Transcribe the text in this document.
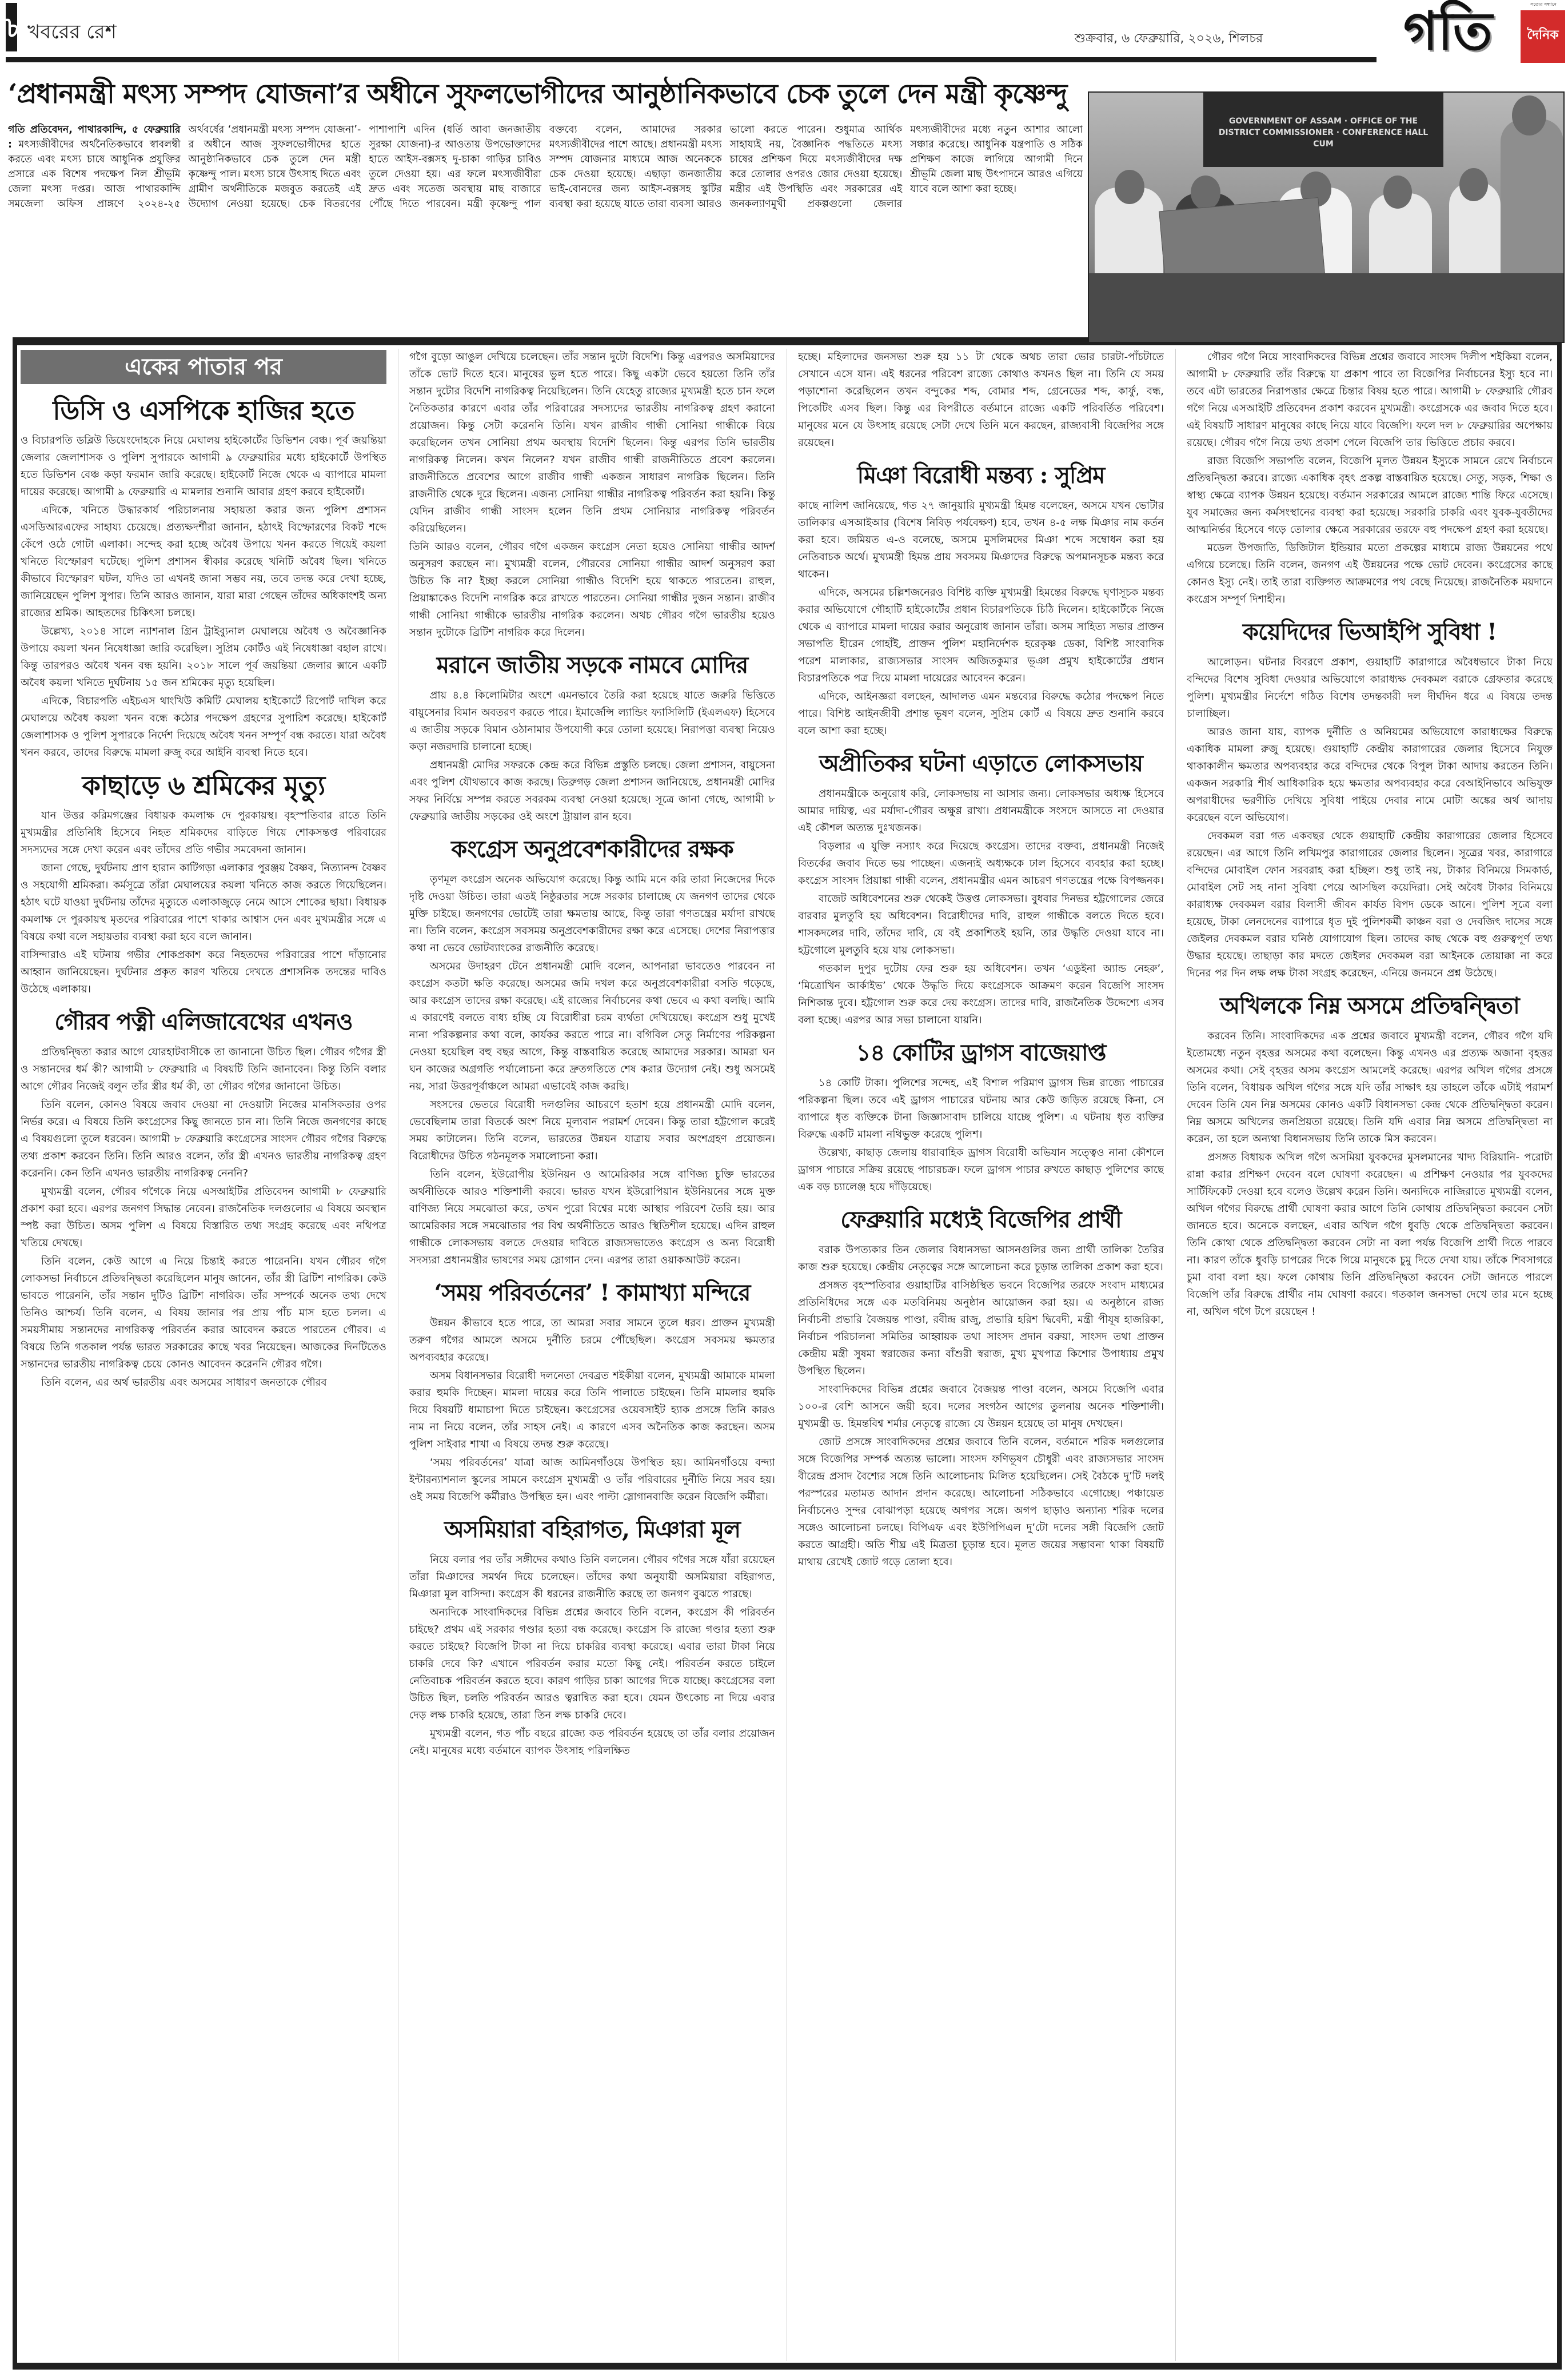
৮ খবরের রেশ	শুক্রবার, ৬ ফেব্রুয়ারি, ২০২৬, শিলচর	গতি	দৈনিক
সত্যের সন্ধানে
‘প্রধানমন্ত্রী মৎস্য সম্পদ যোজনা’র অধীনে সুফলভোগীদের আনুষ্ঠানিকভাবে চেক তুলে দেন মন্ত্রী কৃষ্ণেন্দু
গতি প্রতিবেদন, পাথারকান্দি, ৫ ফেব্রুয়ারি : মৎস্যজীবীদের অর্থনৈতিকভাবে স্বাবলম্বী করতে এবং মৎস্য চাষে আধুনিক প্রযুক্তির প্রসারে এক বিশেষ পদক্ষেপ নিল শ্রীভূমি জেলা মৎস্য দপ্তর। আজ পাথারকান্দি সমজেলা অফিস প্রাঙ্গণে ২০২৪-২৫ অর্থবর্ষের ‘প্রধানমন্ত্রী মৎস্য সম্পদ যোজনা’-র অধীনে আজ সুফলভোগীদের হাতে আনুষ্ঠানিকভাবে চেক তুলে দেন মন্ত্রী কৃষ্ণেন্দু পাল। মৎস্য চাষে উৎসাহ দিতে এবং গ্রামীণ অর্থনীতিকে মজবুত করতেই এই উদ্যোগ নেওয়া হয়েছে। চেক বিতরণের পাশাপাশি এদিন (ধর্তি আবা জনজাতীয় সুরক্ষা যোজনা)-র আওতায় উপভোক্তাদের হাতে আইস-বক্সসহ দু-চাকা গাড়ির চাবিও তুলে দেওয়া হয়। এর ফলে মৎস্যজীবীরা দ্রুত এবং সতেজ অবস্থায় মাছ বাজারে পৌঁছে দিতে পারবেন। মন্ত্রী কৃষ্ণেন্দু পাল বক্তব্যে বলেন, আমাদের সরকার মৎস্যজীবীদের পাশে আছে। প্রধানমন্ত্রী মৎস্য সম্পদ যোজনার মাধ্যমে আজ অনেককে চেক দেওয়া হয়েছে। এছাড়া জনজাতীয় ভাই-বোনদের জন্য আইস-বক্সসহ স্কুটির ব্যবস্থা করা হয়েছে যাতে তারা ব্যবসা আরও ভালো করতে পারেন। শুধুমাত্র আর্থিক সাহায্যই নয়, বৈজ্ঞানিক পদ্ধতিতে মৎস্য চাষের প্রশিক্ষণ দিয়ে মৎস্যজীবীদের দক্ষ করে তোলার ওপরও জোর দেওয়া হয়েছে। মন্ত্রীর এই উপস্থিতি এবং সরকারের এই জনকল্যাণমুখী প্রকল্পগুলো জেলার মৎস্যজীবীদের মধ্যে নতুন আশার আলো সঞ্চার করেছে। আধুনিক যন্ত্রপাতি ও সঠিক প্রশিক্ষণ কাজে লাগিয়ে আগামী দিনে শ্রীভূমি জেলা মাছ উৎপাদনে আরও এগিয়ে যাবে বলে আশা করা হচ্ছে।
GOVERNMENT OF ASSAM · OFFICE OF THE DISTRICT COMMISSIONER · CONFERENCE HALL CUM
একের পাতার পর
ডিসি ও এসপিকে হাজির হতে

ও বিচারপতি ডব্লিউ ডিয়েংদোহকে নিয়ে মেঘালয় হাইকোর্টের ডিভিশন বেঞ্চ। পূর্ব জয়ন্তিয়া জেলার জেলাশাসক ও পুলিশ সুপারকে আগামী ৯ ফেব্রুয়ারির মধ্যে হাইকোর্টে উপস্থিত হতে ডিভিশন বেঞ্চ কড়া ফরমান জারি করেছে। হাইকোর্ট নিজে থেকে এ ব্যাপারে মামলা দায়ের করেছে। আগামী ৯ ফেব্রুয়ারি এ মামলার শুনানি আবার গ্রহণ করবে হাইকোর্ট।

এদিকে, খনিতে উদ্ধারকার্য পরিচালনায় সহায়তা করার জন্য পুলিশ প্রশাসন এসডিআরএফের সাহায্য চেয়েছে। প্রত্যক্ষদর্শীরা জানান, হঠাৎই বিস্ফোরণের বিকট শব্দে কেঁপে ওঠে গোটা এলাকা। সন্দেহ করা হচ্ছে অবৈধ উপায়ে খনন করতে গিয়েই কয়লা খনিতে বিস্ফোরণ ঘটেছে। পুলিশ প্রশাসন স্বীকার করেছে খনিটি অবৈধ ছিল। খনিতে কীভাবে বিস্ফোরণ ঘটল, যদিও তা এখনই জানা সম্ভব নয়, তবে তদন্ত করে দেখা হচ্ছে, জানিয়েছেন পুলিশ সুপার। তিনি আরও জানান, যারা মারা গেছেন তাঁদের অধিকাংশই অন্য রাজ্যের শ্রমিক। আহতদের চিকিৎসা চলছে।

উল্লেখ্য, ২০১৪ সালে ন্যাশনাল গ্রিন ট্রাইব্যুনাল মেঘালয়ে অবৈধ ও অবৈজ্ঞানিক উপায়ে কয়লা খনন নিষেধাজ্ঞা জারি করেছিল। সুপ্রিম কোর্টও এই নিষেধাজ্ঞা বহাল রাখে। কিন্তু তারপরও অবৈধ খনন বন্ধ হয়নি। ২০১৮ সালে পূর্ব জয়ন্তিয়া জেলার ক্সানে একটি অবৈধ কয়লা খনিতে দুর্ঘটনায় ১৫ জন শ্রমিকের মৃত্যু হয়েছিল।

এদিকে, বিচারপতি এইচএস থাংখিউ কমিটি মেঘালয় হাইকোর্টে রিপোর্ট দাখিল করে মেঘালয়ে অবৈধ কয়লা খনন বন্ধে কঠোর পদক্ষেপ গ্রহণের সুপারিশ করেছে। হাইকোর্ট জেলাশাসক ও পুলিশ সুপারকে নির্দেশ দিয়েছে অবৈধ খনন সম্পূর্ণ বন্ধ করতে। যারা অবৈধ খনন করবে, তাদের বিরুদ্ধে মামলা রুজু করে আইনি ব্যবস্থা নিতে হবে।

কাছাড়ে ৬ শ্রমিকের মৃত্যু

যান উত্তর করিমগঞ্জের বিধায়ক কমলাক্ষ দে পুরকায়স্থ। বৃহস্পতিবার রাতে তিনি মুখ্যমন্ত্রীর প্রতিনিধি হিসেবে নিহত শ্রমিকদের বাড়িতে গিয়ে শোকসন্তপ্ত পরিবারের সদস্যদের সঙ্গে দেখা করেন এবং তাঁদের প্রতি গভীর সমবেদনা জানান।

জানা গেছে, দুর্ঘটনায় প্রাণ হারান কাটিগড়া এলাকার পুরঞ্জয় বৈষ্ণব, নিত্যানন্দ বৈষ্ণব ও সহযোগী শ্রমিকরা। কর্মসূত্রে তাঁরা মেঘালয়ের কয়লা খনিতে কাজ করতে গিয়েছিলেন। হঠাৎ ঘটে যাওয়া দুর্ঘটনায় তাঁদের মৃত্যুতে এলাকাজুড়ে নেমে আসে শোকের ছায়া। বিধায়ক কমলাক্ষ দে পুরকায়স্থ মৃতদের পরিবারের পাশে থাকার আশ্বাস দেন এবং মুখ্যমন্ত্রীর সঙ্গে এ বিষয়ে কথা বলে সহায়তার ব্যবস্থা করা হবে বলে জানান।

বাসিন্দারাও এই ঘটনায় গভীর শোকপ্রকাশ করে নিহতদের পরিবারের পাশে দাঁড়ানোর আহ্বান জানিয়েছেন। দুর্ঘটনার প্রকৃত কারণ খতিয়ে দেখতে প্রশাসনিক তদন্তের দাবিও উঠেছে এলাকায়।

গৌরব পত্নী এলিজাবেথের এখনও

প্রতিদ্বন্দ্বিতা করার আগে যোরহাটবাসীকে তা জানানো উচিত ছিল। গৌরব গগৈর স্ত্রী ও সন্তানদের ধর্ম কী? আগামী ৮ ফেব্রুয়ারি এ বিষয়টি তিনি জানাবেন। কিন্তু তিনি বলার আগে গৌরব নিজেই বলুন তাঁর স্ত্রীর ধর্ম কী, তা গৌরব গগৈর জানানো উচিত।

তিনি বলেন, কোনও বিষয়ে জবাব দেওয়া না দেওয়াটা নিজের মানসিকতার ওপর নির্ভর করে। এ বিষয়ে তিনি কংগ্রেসের কিছু জানতে চান না। তিনি নিজে জনগণের কাছে এ বিষয়গুলো তুলে ধরবেন। আগামী ৮ ফেব্রুয়ারি কংগ্রেসের সাংসদ গৌরব গগৈর বিরুদ্ধে তথ্য প্রকাশ করবেন তিনি। তিনি আরও বলেন, তাঁর স্ত্রী এখনও ভারতীয় নাগরিকত্ব গ্রহণ করেননি। কেন তিনি এখনও ভারতীয় নাগরিকত্ব নেননি?

মুখ্যমন্ত্রী বলেন, গৌরব গগৈকে নিয়ে এসআইটির প্রতিবেদন আগামী ৮ ফেব্রুয়ারি প্রকাশ করা হবে। এরপর জনগণ সিদ্ধান্ত নেবেন। রাজনৈতিক দলগুলোর এ বিষয়ে অবস্থান স্পষ্ট করা উচিত। অসম পুলিশ এ বিষয়ে বিস্তারিত তথ্য সংগ্রহ করেছে এবং নথিপত্র খতিয়ে দেখছে।

তিনি বলেন, কেউ আগে এ নিয়ে চিন্তাই করতে পারেননি। যখন গৌরব গগৈ লোকসভা নির্বাচনে প্রতিদ্বন্দ্বিতা করেছিলেন মানুষ জানেন, তাঁর স্ত্রী ব্রিটিশ নাগরিক। কেউ ভাবতে পারেননি, তাঁর সন্তান দুটিও ব্রিটিশ নাগরিক। তাঁর সম্পর্কে অনেক তথ্য দেখে তিনিও আশ্চর্য। তিনি বলেন, এ বিষয় জানার পর প্রায় পাঁচ মাস হতে চলল। এ সময়সীমায় সন্তানদের নাগরিকত্ব পরিবর্তন করার আবেদন করতে পারতেন গৌরব। এ বিষয়ে তিনি গতকাল পর্যন্ত ভারত সরকারের কাছে খবর নিয়েছেন। আজকের দিনটিতেও সন্তানদের ভারতীয় নাগরিকত্ব চেয়ে কোনও আবেদন করেননি গৌরব গগৈ।

তিনি বলেন, এর অর্থ ভারতীয় এবং অসমের সাধারণ জনতাকে গৌরব

গগৈ বুড়ো আঙুল দেখিয়ে চলেছেন। তাঁর সন্তান দুটো বিদেশি। কিন্তু এরপরও অসমিয়াদের তাঁকে ভোট দিতে হবে। মানুষের ভুল হতে পারে। কিছু একটা ভেবে হয়তো তিনি তাঁর সন্তান দুটোর বিদেশি নাগরিকত্ব নিয়েছিলেন। তিনি যেহেতু রাজ্যের মুখ্যমন্ত্রী হতে চান ফলে নৈতিকতার কারণে এবার তাঁর পরিবারের সদস্যদের ভারতীয় নাগরিকত্ব গ্রহণ করানো প্রয়োজন। কিন্তু সেটা করেননি তিনি। যখন রাজীব গান্ধী সোনিয়া গান্ধীকে বিয়ে করেছিলেন তখন সোনিয়া প্রথম অবস্থায় বিদেশি ছিলেন। কিন্তু এরপর তিনি ভারতীয় নাগরিকত্ব নিলেন। কখন নিলেন? যখন রাজীব গান্ধী রাজনীতিতে প্রবেশ করলেন। রাজনীতিতে প্রবেশের আগে রাজীব গান্ধী একজন সাধারণ নাগরিক ছিলেন। তিনি রাজনীতি থেকে দূরে ছিলেন। এজন্য সোনিয়া গান্ধীর নাগরিকত্ব পরিবর্তন করা হয়নি। কিন্তু যেদিন রাজীব গান্ধী সাংসদ হলেন তিনি প্রথম সোনিয়ার নাগরিকত্ব পরিবর্তন করিয়েছিলেন।

তিনি আরও বলেন, গৌরব গগৈ একজন কংগ্রেস নেতা হয়েও সোনিয়া গান্ধীর আদর্শ অনুসরণ করছেন না। মুখ্যমন্ত্রী বলেন, গৌরবের সোনিয়া গান্ধীর আদর্শ অনুসরণ করা উচিত কি না? ইচ্ছা করলে সোনিয়া গান্ধীও বিদেশি হয়ে থাকতে পারতেন। রাহুল, প্রিয়াঙ্কাকেও বিদেশি নাগরিক করে রাখতে পারতেন। সোনিয়া গান্ধীর দুজন সন্তান। রাজীব গান্ধী সোনিয়া গান্ধীকে ভারতীয় নাগরিক করলেন। অথচ গৌরব গগৈ ভারতীয় হয়েও সন্তান দুটোকে ব্রিটিশ নাগরিক করে দিলেন।

মরানে জাতীয় সড়কে নামবে মোদির

প্রায় ৪.৪ কিলোমিটার অংশে এমনভাবে তৈরি করা হয়েছে যাতে জরুরি ভিত্তিতে বায়ুসেনার বিমান অবতরণ করতে পারে। ইমার্জেন্সি ল্যান্ডিং ফ্যাসিলিটি (ইএলএফ) হিসেবে এ জাতীয় সড়কে বিমান ওঠানামার উপযোগী করে তোলা হয়েছে। নিরাপত্তা ব্যবস্থা নিয়েও কড়া নজরদারি চালানো হচ্ছে।

প্রধানমন্ত্রী মোদির সফরকে কেন্দ্র করে বিভিন্ন প্রস্তুতি চলছে। জেলা প্রশাসন, বায়ুসেনা এবং পুলিশ যৌথভাবে কাজ করছে। ডিব্রুগড় জেলা প্রশাসন জানিয়েছে, প্রধানমন্ত্রী মোদির সফর নির্বিঘ্নে সম্পন্ন করতে সবরকম ব্যবস্থা নেওয়া হয়েছে। সূত্রে জানা গেছে, আগামী ৮ ফেব্রুয়ারি জাতীয় সড়কের ওই অংশে ট্রায়াল রান হবে।

কংগ্রেস অনুপ্রবেশকারীদের রক্ষক

তৃণমূল কংগ্রেস অনেক অভিযোগ করেছে। কিন্তু আমি মনে করি তারা নিজেদের দিকে দৃষ্টি দেওয়া উচিত। তারা এতই নিষ্ঠুরতার সঙ্গে সরকার চালাচ্ছে যে জনগণ তাদের থেকে মুক্তি চাইছে। জনগণের ভোটেই তারা ক্ষমতায় আছে, কিন্তু তারা গণতন্ত্রের মর্যাদা রাখছে না। তিনি বলেন, কংগ্রেস সবসময় অনুপ্রবেশকারীদের রক্ষা করে এসেছে। দেশের নিরাপত্তার কথা না ভেবে ভোটব্যাংকের রাজনীতি করেছে।

অসমের উদাহরণ টেনে প্রধানমন্ত্রী মোদি বলেন, আপনারা ভাবতেও পারবেন না কংগ্রেস কতটা ক্ষতি করেছে। অসমের জমি দখল করে অনুপ্রবেশকারীরা বসতি গড়েছে, আর কংগ্রেস তাদের রক্ষা করেছে। এই রাজ্যের নির্বাচনের কথা ভেবে এ কথা বলছি। আমি এ কারণেই বলতে বাধ্য হচ্ছি যে বিরোধীরা চরম ব্যর্থতা দেখিয়েছে। কংগ্রেস শুধু মুখেই নানা পরিকল্পনার কথা বলে, কার্যকর করতে পারে না। বগিবিল সেতু নির্মাণের পরিকল্পনা নেওয়া হয়েছিল বহু বছর আগে, কিন্তু বাস্তবায়িত করেছে আমাদের সরকার। আমরা ঘন ঘন কাজের অগ্রগতি পর্যালোচনা করে দ্রুতগতিতে শেষ করার উদ্যোগ নেই। শুধু অসমেই নয়, সারা উত্তরপূর্বাঞ্চলে আমরা এভাবেই কাজ করছি।

সংসদের ভেতরে বিরোধী দলগুলির আচরণে হতাশ হয়ে প্রধানমন্ত্রী মোদি বলেন, ভেবেছিলাম তারা বিতর্কে অংশ নিয়ে মূল্যবান পরামর্শ দেবেন। কিন্তু তারা হট্টগোল করেই সময় কাটালেন। তিনি বলেন, ভারতের উন্নয়ন যাত্রায় সবার অংশগ্রহণ প্রয়োজন। বিরোধীদের উচিত গঠনমূলক সমালোচনা করা।

তিনি বলেন, ইউরোপীয় ইউনিয়ন ও আমেরিকার সঙ্গে বাণিজ্য চুক্তি ভারতের অর্থনীতিকে আরও শক্তিশালী করবে। ভারত যখন ইউরোপিয়ান ইউনিয়নের সঙ্গে মুক্ত বাণিজ্য নিয়ে সমঝোতা করে, তখন পুরো বিশ্বের মধ্যে আস্থার পরিবেশ তৈরি হয়। আর আমেরিকার সঙ্গে সমঝোতার পর বিশ্ব অর্থনীতিতে আরও স্থিতিশীল হয়েছে। এদিন রাহুল গান্ধীকে লোকসভায় বলতে দেওয়ার দাবিতে রাজ্যসভাতেও কংগ্রেস ও অন্য বিরোধী সদস্যরা প্রধানমন্ত্রীর ভাষণের সময় স্লোগান দেন। এরপর তারা ওয়াকআউট করেন।

‘সময় পরিবর্তনের’ ! কামাখ্যা মন্দিরে

উন্নয়ন কীভাবে হতে পারে, তা আমরা সবার সামনে তুলে ধরব। প্রাক্তন মুখ্যমন্ত্রী তরুণ গগৈর আমলে অসমে দুর্নীতি চরমে পৌঁছেছিল। কংগ্রেস সবসময় ক্ষমতার অপব্যবহার করেছে।

অসম বিধানসভার বিরোধী দলনেতা দেবব্রত শইকীয়া বলেন, মুখ্যমন্ত্রী আমাকে মামলা করার হুমকি দিচ্ছেন। মামলা দায়ের করে তিনি পালাতে চাইছেন। তিনি মামলার হুমকি দিয়ে বিষয়টি ধামাচাপা দিতে চাইছেন। কংগ্রেসের ওয়েবসাইট হ্যাক প্রসঙ্গে তিনি কারও নাম না নিয়ে বলেন, তাঁর সাহস নেই। এ কারণে এসব অনৈতিক কাজ করছেন। অসম পুলিশ সাইবার শাখা এ বিষয়ে তদন্ত শুরু করেছে।

‘সময় পরিবর্তনের’ যাত্রা আজ আমিনগাঁওয়ে উপস্থিত হয়। আমিনগাঁওয়ে বন্দ্যা ইন্টারন্যাশনাল স্কুলের সামনে কংগ্রেস মুখ্যমন্ত্রী ও তাঁর পরিবারের দুর্নীতি নিয়ে সরব হয়। ওই সময় বিজেপি কর্মীরাও উপস্থিত হন। এবং পাল্টা স্লোগানবাজি করেন বিজেপি কর্মীরা।

অসমিয়ারা বহিরাগত, মিঞারা মূল

নিয়ে বলার পর তাঁর সঙ্গীদের কথাও তিনি বললেন। গৌরব গগৈর সঙ্গে যাঁরা রয়েছেন তাঁরা মিঞাদের সমর্থন দিয়ে চলেছেন। তাঁদের কথা অনুযায়ী অসমিয়ারা বহিরাগত, মিঞারা মূল বাসিন্দা। কংগ্রেস কী ধরনের রাজনীতি করছে তা জনগণ বুঝতে পারছে।

অন্যদিকে সাংবাদিকদের বিভিন্ন প্রশ্নের জবাবে তিনি বলেন, কংগ্রেস কী পরিবর্তন চাইছে? প্রথম এই সরকার গণ্ডার হত্যা বন্ধ করেছে। কংগ্রেস কি রাজ্যে গণ্ডার হত্যা শুরু করতে চাইছে? বিজেপি টাকা না দিয়ে চাকরির ব্যবস্থা করেছে। এবার তারা টাকা নিয়ে চাকরি দেবে কি? এখানে পরিবর্তন করার মতো কিছু নেই। পরিবর্তন করতে চাইলে নেতিবাচক পরিবর্তন করতে হবে। কারণ গাড়ির চাকা আগের দিকে যাচ্ছে। কংগ্রেসের বলা উচিত ছিল, চলতি পরিবর্তন আরও ত্বরান্বিত করা হবে। যেমন উৎকোচ না দিয়ে এবার দেড় লক্ষ চাকরি হয়েছে, তারা তিন লক্ষ চাকরি দেবে।

মুখ্যমন্ত্রী বলেন, গত পাঁচ বছরে রাজ্যে কত পরিবর্তন হয়েছে তা তাঁর বলার প্রয়োজন নেই। মানুষের মধ্যে বর্তমানে ব্যাপক উৎসাহ পরিলক্ষিত

হচ্ছে। মহিলাদের জনসভা শুরু হয় ১১ টা থেকে অথচ তারা ভোর চারটা-পাঁচটাতে সেখানে এসে যান। এই ধরনের পরিবেশ রাজ্যে কোথাও কখনও ছিল না। তিনি যে সময় পড়াশোনা করেছিলেন তখন বন্দুকের শব্দ, বোমার শব্দ, গ্রেনেডের শব্দ, কার্ফু, বন্ধ, পিকেটিং এসব ছিল। কিন্তু এর বিপরীতে বর্তমানে রাজ্যে একটি পরিবর্তিত পরিবেশ। মানুষের মনে যে উৎসাহ রয়েছে সেটা দেখে তিনি মনে করছেন, রাজ্যবাসী বিজেপির সঙ্গে রয়েছেন।

মিঞা বিরোধী মন্তব্য : সুপ্রিম

কাছে নালিশ জানিয়েছে, গত ২৭ জানুয়ারি মুখ্যমন্ত্রী হিমন্ত বলেছেন, অসমে যখন ভোটার তালিকার এসআইআর (বিশেষ নিবিড় পর্যবেক্ষণ) হবে, তখন ৪-৫ লক্ষ মিঞার নাম কর্তন করা হবে। জমিয়ত এ-ও বলেছে, অসমে মুসলিমদের মিঞা শব্দে সম্বোধন করা হয় নেতিবাচক অর্থে। মুখ্যমন্ত্রী হিমন্ত প্রায় সবসময় মিঞাদের বিরুদ্ধে অপমানসূচক মন্তব্য করে থাকেন।

এদিকে, অসমের চল্লিশজনেরও বিশিষ্ট ব্যক্তি মুখ্যমন্ত্রী হিমন্তের বিরুদ্ধে ঘৃণাসূচক মন্তব্য করার অভিযোগে গৌহাটি হাইকোর্টের প্রধান বিচারপতিকে চিঠি দিলেন। হাইকোর্টকে নিজে থেকে এ ব্যাপারে মামলা দায়ের করার অনুরোধ জানান তাঁরা। অসম সাহিত্য সভার প্রাক্তন সভাপতি হীরেন গোহাঁই, প্রাক্তন পুলিশ মহানির্দেশক হরেকৃষ্ণ ডেকা, বিশিষ্ট সাংবাদিক পরেশ মালাকার, রাজ্যসভার সাংসদ অজিতকুমার ভূঞা প্রমুখ হাইকোর্টের প্রধান বিচারপতিকে পত্র দিয়ে মামলা দায়েরের আবেদন করেন।

এদিকে, আইনজ্ঞরা বলছেন, আদালত এমন মন্তব্যের বিরুদ্ধে কঠোর পদক্ষেপ নিতে পারে। বিশিষ্ট আইনজীবী প্রশান্ত ভূষণ বলেন, সুপ্রিম কোর্ট এ বিষয়ে দ্রুত শুনানি করবে বলে আশা করা হচ্ছে।

অপ্রীতিকর ঘটনা এড়াতে লোকসভায়

প্রধানমন্ত্রীকে অনুরোধ করি, লোকসভায় না আসার জন্য। লোকসভার অধ্যক্ষ হিসেবে আমার দায়িত্ব, এর মর্যাদা-গৌরব অক্ষুণ্ণ রাখা। প্রধানমন্ত্রীকে সংসদে আসতে না দেওয়ার এই কৌশল অত্যন্ত দুঃখজনক।

বিড়লার এ যুক্তি নস্যাৎ করে দিয়েছে কংগ্রেস। তাদের বক্তব্য, প্রধানমন্ত্রী নিজেই বিতর্কের জবাব দিতে ভয় পাচ্ছেন। এজন্যই অধ্যক্ষকে ঢাল হিসেবে ব্যবহার করা হচ্ছে। কংগ্রেস সাংসদ প্রিয়াঙ্কা গান্ধী বলেন, প্রধানমন্ত্রীর এমন আচরণ গণতন্ত্রের পক্ষে বিপজ্জনক।

বাজেট অধিবেশনের শুরু থেকেই উত্তপ্ত লোকসভা। বুধবার দিনভর হট্টগোলের জেরে বারবার মুলতুবি হয় অধিবেশন। বিরোধীদের দাবি, রাহুল গান্ধীকে বলতে দিতে হবে। শাসকদলের দাবি, তাঁদের দাবি, যে বই প্রকাশিতই হয়নি, তার উদ্ধৃতি দেওয়া যাবে না। হট্টগোলে মুলতুবি হয়ে যায় লোকসভা।

গতকাল দুপুর দুটোয় ফের শুরু হয় অধিবেশন। তখন ‘এডুইনা অ্যান্ড নেহরু’, ‘মিত্রোখিন আর্কাইভ’ থেকে উদ্ধৃতি দিয়ে কংগ্রেসকে আক্রমণ করেন বিজেপি সাংসদ নিশিকান্ত দুবে। হট্টগোল শুরু করে দেয় কংগ্রেস। তাদের দাবি, রাজনৈতিক উদ্দেশ্যে এসব বলা হচ্ছে। এরপর আর সভা চালানো যায়নি।

১৪ কোটির ড্রাগস বাজেয়াপ্ত

১৪ কোটি টাকা। পুলিশের সন্দেহ, এই বিশাল পরিমাণ ড্রাগস ভিন্ন রাজ্যে পাচারের পরিকল্পনা ছিল। তবে এই ড্রাগস পাচারের ঘটনায় আর কেউ জড়িত রয়েছে কিনা, সে ব্যাপারে ধৃত ব্যক্তিকে টানা জিজ্ঞাসাবাদ চালিয়ে যাচ্ছে পুলিশ। এ ঘটনায় ধৃত ব্যক্তির বিরুদ্ধে একটি মামলা নথিভুক্ত করেছে পুলিশ।

উল্লেখ্য, কাছাড় জেলায় ধারাবাহিক ড্রাগস বিরোধী অভিযান সত্ত্বেও নানা কৌশলে ড্রাগস পাচারে সক্রিয় রয়েছে পাচারচক্র। ফলে ড্রাগস পাচার রুখতে কাছাড় পুলিশের কাছে এক বড় চ্যালেঞ্জ হয়ে দাঁড়িয়েছে।

ফেব্রুয়ারি মধ্যেই বিজেপির প্রার্থী

বরাক উপত্যকার তিন জেলার বিধানসভা আসনগুলির জন্য প্রার্থী তালিকা তৈরির কাজ শুরু হয়েছে। কেন্দ্রীয় নেতৃত্বের সঙ্গে আলোচনা করে চূড়ান্ত তালিকা প্রকাশ করা হবে।

প্রসঙ্গত বৃহস্পতিবার গুয়াহাটির বাসিষ্ঠস্থিত ভবনে বিজেপির তরফে সংবাদ মাধ্যমের প্রতিনিধিদের সঙ্গে এক মতবিনিময় অনুষ্ঠান আয়োজন করা হয়। এ অনুষ্ঠানে রাজ্য নির্বাচনী প্রভারি বৈজয়ন্ত পাণ্ডা, রবীন্দ্র রাজু, প্রভারি হরিশ দ্বিবেদী, মন্ত্রী পীযূষ হাজরিকা, নির্বাচন পরিচালনা সমিতির আহ্বায়ক তথা সাংসদ প্রদান বরুয়া, সাংসদ তথা প্রাক্তন কেন্দ্রীয় মন্ত্রী সুষমা স্বরাজের কন্যা বাঁশুরী স্বরাজ, মুখ্য মুখপাত্র কিশোর উপাধ্যায় প্রমুখ উপস্থিত ছিলেন।

সাংবাদিকদের বিভিন্ন প্রশ্নের জবাবে বৈজয়ন্ত পাণ্ডা বলেন, অসমে বিজেপি এবার ১০০-র বেশি আসনে জয়ী হবে। দলের সংগঠন আগের তুলনায় অনেক শক্তিশালী। মুখ্যমন্ত্রী ড. হিমন্তবিশ্ব শর্মার নেতৃত্বে রাজ্যে যে উন্নয়ন হয়েছে তা মানুষ দেখছেন।

জোট প্রসঙ্গে সাংবাদিকদের প্রশ্নের জবাবে তিনি বলেন, বর্তমানে শরিক দলগুলোর সঙ্গে বিজেপির সম্পর্ক অত্যন্ত ভালো। সাংসদ ফণিভূষণ চৌধুরী এবং রাজ্যসভার সাংসদ বীরেন্দ্র প্রসাদ বৈশ্যের সঙ্গে তিনি আলোচনায় মিলিত হয়েছিলেন। সেই বৈঠকে দু’টি দলই পরস্পরের মতামত আদান প্রদান করেছে। আলোচনা সঠিকভাবে এগোচ্ছে। পঞ্চায়েত নির্বাচনেও সুন্দর বোঝাপড়া হয়েছে অগপর সঙ্গে। অগপ ছাড়াও অন্যান্য শরিক দলের সঙ্গেও আলোচনা চলছে। বিপিএফ এবং ইউপিপিএল দু’টো দলের সঙ্গী বিজেপি জোট করতে আগ্রহী। অতি শীঘ্র এই মিত্রতা চূড়ান্ত হবে। মূলত জয়ের সম্ভাবনা থাকা বিষয়টি মাথায় রেখেই জোট গড়ে তোলা হবে।

গৌরব গগৈ নিয়ে সাংবাদিকদের বিভিন্ন প্রশ্নের জবাবে সাংসদ দিলীপ শইকিয়া বলেন, আগামী ৮ ফেব্রুয়ারি তাঁর বিরুদ্ধে যা প্রকাশ পাবে তা বিজেপির নির্বাচনের ইস্যু হবে না। তবে এটা ভারতের নিরাপত্তার ক্ষেত্রে চিন্তার বিষয় হতে পারে। আগামী ৮ ফেব্রুয়ারি গৌরব গগৈ নিয়ে এসআইটি প্রতিবেদন প্রকাশ করবেন মুখ্যমন্ত্রী। কংগ্রেসকে এর জবাব দিতে হবে। এই বিষয়টি সাধারণ মানুষের কাছে নিয়ে যাবে বিজেপি। ফলে দল ৮ ফেব্রুয়ারির অপেক্ষায় রয়েছে। গৌরব গগৈ নিয়ে তথ্য প্রকাশ পেলে বিজেপি তার ভিত্তিতে প্রচার করবে।

রাজ্য বিজেপি সভাপতি বলেন, বিজেপি মূলত উন্নয়ন ইস্যুকে সামনে রেখে নির্বাচনে প্রতিদ্বন্দ্বিতা করবে। রাজ্যে একাধিক বৃহৎ প্রকল্প বাস্তবায়িত হয়েছে। সেতু, সড়ক, শিক্ষা ও স্বাস্থ্য ক্ষেত্রে ব্যাপক উন্নয়ন হয়েছে। বর্তমান সরকারের আমলে রাজ্যে শান্তি ফিরে এসেছে। যুব সমাজের জন্য কর্মসংস্থানের ব্যবস্থা করা হয়েছে। সরকারি চাকরি এবং যুবক-যুবতীদের আত্মনির্ভর হিসেবে গড়ে তোলার ক্ষেত্রে সরকারের তরফে বহু পদক্ষেপ গ্রহণ করা হয়েছে।

মডেল উপজাতি, ডিজিটাল ইন্ডিয়ার মতো প্রকল্পের মাধ্যমে রাজ্য উন্নয়নের পথে এগিয়ে চলেছে। তিনি বলেন, জনগণ এই উন্নয়নের পক্ষে ভোট দেবেন। কংগ্রেসের কাছে কোনও ইস্যু নেই। তাই তারা ব্যক্তিগত আক্রমণের পথ বেছে নিয়েছে। রাজনৈতিক ময়দানে কংগ্রেস সম্পূর্ণ দিশাহীন।

কয়েদিদের ভিআইপি সুবিধা !

আলোড়ন। ঘটনার বিবরণে প্রকাশ, গুয়াহাটি কারাগারে অবৈধভাবে টাকা নিয়ে বন্দিদের বিশেষ সুবিধা দেওয়ার অভিযোগে কারাধ্যক্ষ দেবকমল বরাকে গ্রেফতার করেছে পুলিশ। মুখ্যমন্ত্রীর নির্দেশে গঠিত বিশেষ তদন্তকারী দল দীর্ঘদিন ধরে এ বিষয়ে তদন্ত চালাচ্ছিল।

আরও জানা যায়, ব্যাপক দুর্নীতি ও অনিয়মের অভিযোগে কারাধ্যক্ষের বিরুদ্ধে একাধিক মামলা রুজু হয়েছে। গুয়াহাটি কেন্দ্রীয় কারাগারের জেলার হিসেবে নিযুক্ত থাকাকালীন ক্ষমতার অপব্যবহার করে বন্দিদের থেকে বিপুল টাকা আদায় করতেন তিনি। একজন সরকারি শীর্ষ আধিকারিক হয়ে ক্ষমতার অপব্যবহার করে বেআইনিভাবে অভিযুক্ত অপরাধীদের ভরণীতি দেখিয়ে সুবিধা পাইয়ে দেবার নামে মোটা অঙ্কের অর্থ আদায় করেছেন বলে অভিযোগ।

দেবকমল বরা গত একবছর থেকে গুয়াহাটি কেন্দ্রীয় কারাগারের জেলার হিসেবে রয়েছেন। এর আগে তিনি লখিমপুর কারাগারের জেলার ছিলেন। সূত্রের খবর, কারাগারে বন্দিদের মোবাইল ফোন সরবরাহ করা হচ্ছিল। শুধু তাই নয়, টাকার বিনিময়ে সিমকার্ড, মোবাইল সেট সহ নানা সুবিধা পেয়ে আসছিল কয়েদিরা। সেই অবৈধ টাকার বিনিময়ে কারাধ্যক্ষ দেবকমল বরার বিলাসী জীবন কার্যত বিপদ ডেকে আনে। পুলিশ সূত্রে বলা হয়েছে, টাকা লেনদেনের ব্যাপারে ধৃত দুই পুলিশকর্মী কাঞ্চন বরা ও দেবজিৎ দাসের সঙ্গে জেইলর দেবকমল বরার ঘনিষ্ঠ যোগাযোগ ছিল। তাদের কাছ থেকে বহু গুরুত্বপূর্ণ তথ্য উদ্ধার হয়েছে। তাছাড়া কার মদতে জেইলর দেবকমল বরা আইনকে তোয়াক্কা না করে দিনের পর দিন লক্ষ লক্ষ টাকা সংগ্রহ করেছেন, এনিয়ে জনমনে প্রশ্ন উঠেছে।

অখিলকে নিম্ন অসমে প্রতিদ্বন্দ্বিতা

করবেন তিনি। সাংবাদিকদের এক প্রশ্নের জবাবে মুখ্যমন্ত্রী বলেন, গৌরব গগৈ যদি ইতোমধ্যে নতুন বৃহত্তর অসমের কথা বলেছেন। কিন্তু এখনও এর প্রত্যক্ষ অজানা বৃহত্তর অসমের কথা। সেই বৃহত্তর অসম কংগ্রেস আমলেই করেছে। এরপর অখিল গগৈর প্রসঙ্গে তিনি বলেন, বিধায়ক অখিল গগৈর সঙ্গে যদি তাঁর সাক্ষাৎ হয় তাহলে তাঁকে এটাই পরামর্শ দেবেন তিনি যেন নিম্ন অসমের কোনও একটি বিধানসভা কেন্দ্র থেকে প্রতিদ্বন্দ্বিতা করেন। নিম্ন অসমে অখিলের জনপ্রিয়তা রয়েছে। তিনি যদি এবার নিম্ন অসমে প্রতিদ্বন্দ্বিতা না করেন, তা হলে অন্যথা বিধানসভায় তিনি তাকে মিস করবেন।

প্রসঙ্গত বিধায়ক অখিল গগৈ অসমিয়া যুবকদের মুসলমানের খাদ্য বিরিয়ানি- পরোটা রান্না করার প্রশিক্ষণ দেবেন বলে ঘোষণা করেছেন। এ প্রশিক্ষণ নেওয়ার পর যুবকদের সার্টিফিকেট দেওয়া হবে বলেও উল্লেখ করেন তিনি। অন্যদিকে নাজিরাতে মুখ্যমন্ত্রী বলেন, অখিল গগৈর বিরুদ্ধে প্রার্থী ঘোষণা করার আগে তিনি কোথায় প্রতিদ্বন্দ্বিতা করবেন সেটা জানতে হবে। অনেকে বলছেন, এবার অখিল গগৈ ধুবড়ি থেকে প্রতিদ্বন্দ্বিতা করবেন। তিনি কোথা থেকে প্রতিদ্বন্দ্বিতা করবেন সেটা না বলা পর্যন্ত বিজেপি প্রার্থী দিতে পারবে না। কারণ তাঁকে ধুবড়ি চাপরের দিকে গিয়ে মানুষকে চুমু দিতে দেখা যায়। তাঁকে শিবসাগরে চুমা বাবা বলা হয়। ফলে কোথায় তিনি প্রতিদ্বন্দ্বিতা করবেন সেটা জানতে পারলে বিজেপি তাঁর বিরুদ্ধে প্রার্থীর নাম ঘোষণা করবে। গতকাল জনসভা দেখে তার মনে হচ্ছে না, অখিল গগৈ টপে রয়েছেন !
